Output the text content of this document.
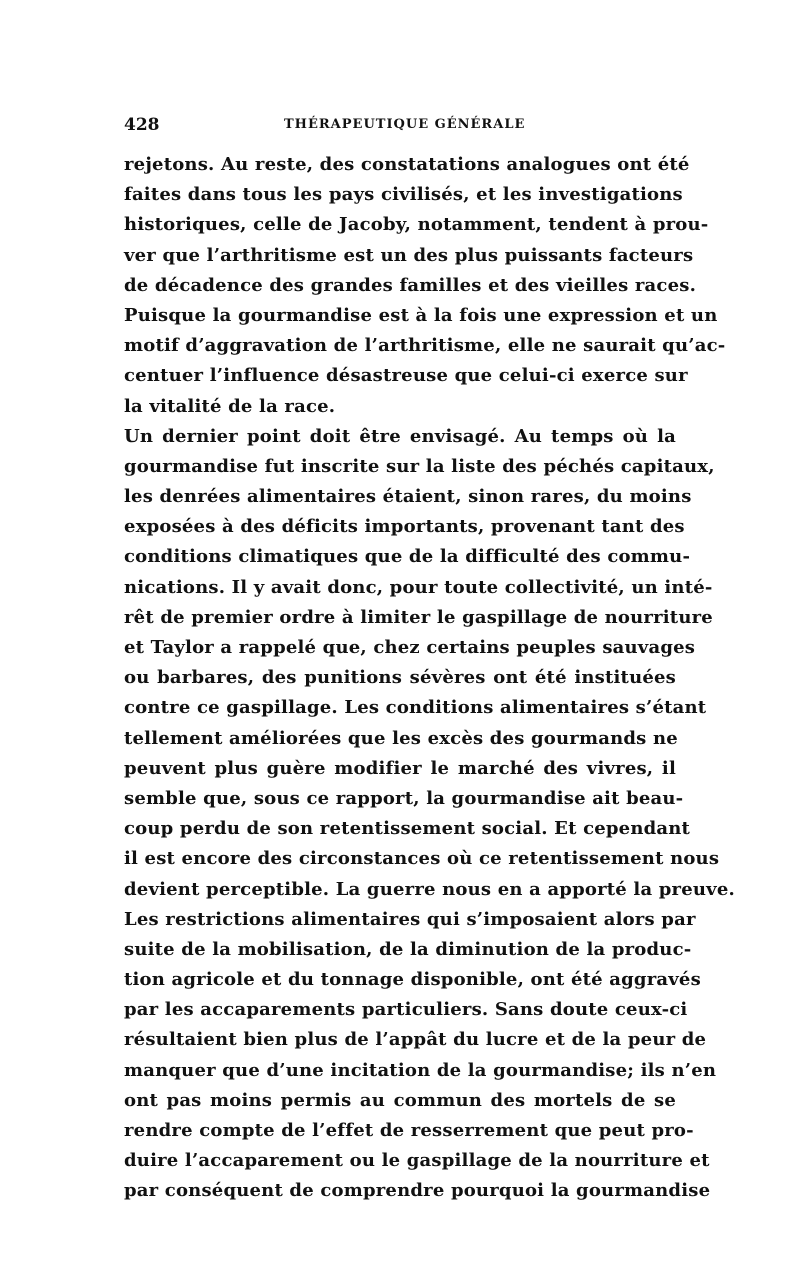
428	THÉRAPEUTIQUE GÉNÉRALE
rejetons. Au reste, des constatations analogues ont été
faites dans tous les pays civilisés, et les investigations
historiques, celle de Jacoby, notamment, tendent à prou-
ver que l’arthritisme est un des plus puissants facteurs
de décadence des grandes familles et des vieilles races.
Puisque la gourmandise est à la fois une expression et un
motif d’aggravation de l’arthritisme, elle ne saurait qu’ac-
centuer l’influence désastreuse que celui-ci exerce sur
la vitalité de la race.
Un dernier point doit être envisagé. Au temps où la
gourmandise fut inscrite sur la liste des péchés capitaux,
les denrées alimentaires étaient, sinon rares, du moins
exposées à des déficits importants, provenant tant des
conditions climatiques que de la difficulté des commu-
nications. Il y avait donc, pour toute collectivité, un inté-
rêt de premier ordre à limiter le gaspillage de nourriture
et Taylor a rappelé que, chez certains peuples sauvages
ou barbares, des punitions sévères ont été instituées
contre ce gaspillage. Les conditions alimentaires s’étant
tellement améliorées que les excès des gourmands ne
peuvent plus guère modifier le marché des vivres, il
semble que, sous ce rapport, la gourmandise ait beau-
coup perdu de son retentissement social. Et cependant
il est encore des circonstances où ce retentissement nous
devient perceptible. La guerre nous en a apporté la preuve.
Les restrictions alimentaires qui s’imposaient alors par
suite de la mobilisation, de la diminution de la produc-
tion agricole et du tonnage disponible, ont été aggravés
par les accaparements particuliers. Sans doute ceux-ci
résultaient bien plus de l’appât du lucre et de la peur de
manquer que d’une incitation de la gourmandise; ils n’en
ont pas moins permis au commun des mortels de se
rendre compte de l’effet de resserrement que peut pro-
duire l’accaparement ou le gaspillage de la nourriture et
par conséquent de comprendre pourquoi la gourmandise
